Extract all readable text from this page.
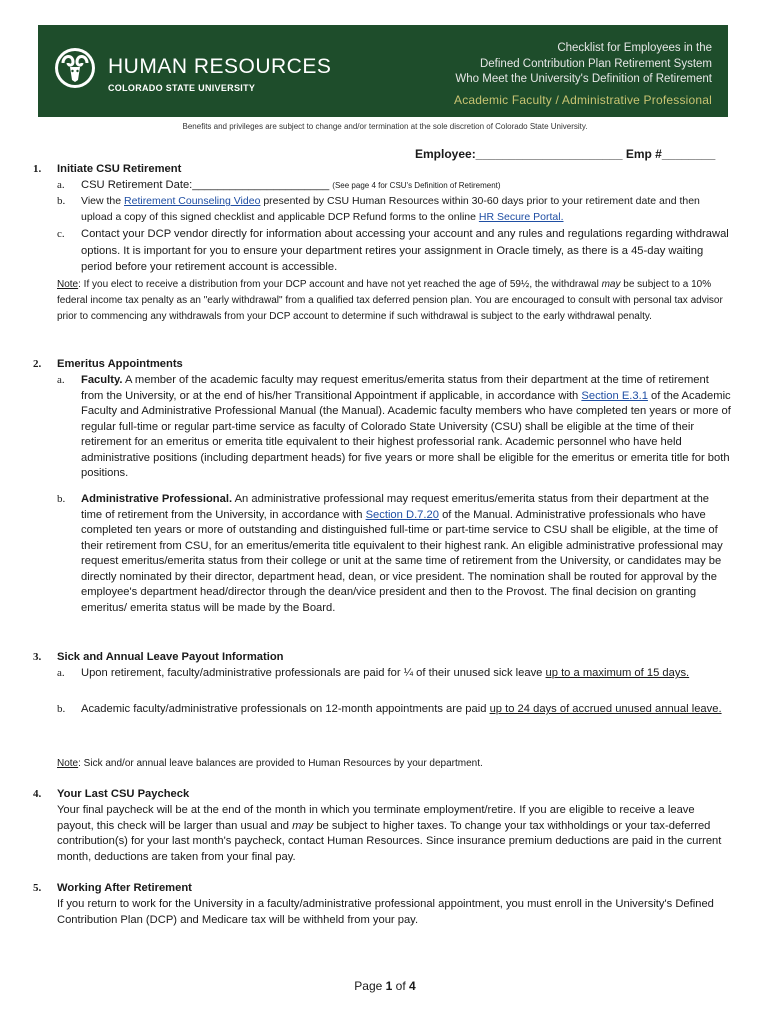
HUMAN RESOURCES
COLORADO STATE UNIVERSITY
Checklist for Employees in the
Defined Contribution Plan Retirement System
Who Meet the University's Definition of Retirement
Academic Faculty / Administrative Professional
Benefits and privileges are subject to change and/or termination at the sole discretion of Colorado State University.
Employee:______________________ Emp #________
1. Initiate CSU Retirement
a. CSU Retirement Date:______________________ (See page 4 for CSU's Definition of Retirement)
b. View the Retirement Counseling Video presented by CSU Human Resources within 30-60 days prior to your retirement date and then upload a copy of this signed checklist and applicable DCP Refund forms to the online HR Secure Portal.
c. Contact your DCP vendor directly for information about accessing your account and any rules and regulations regarding withdrawal options. It is important for you to ensure your department retires your assignment in Oracle timely, as there is a 45-day waiting period before your retirement account is accessible.
Note: If you elect to receive a distribution from your DCP account and have not yet reached the age of 59½, the withdrawal may be subject to a 10% federal income tax penalty as an "early withdrawal" from a qualified tax deferred pension plan. You are encouraged to consult with personal tax advisor prior to commencing any withdrawals from your DCP account to determine if such withdrawal is subject to the early withdrawal penalty.
2. Emeritus Appointments
a. Faculty. A member of the academic faculty may request emeritus/emerita status from their department at the time of retirement from the University, or at the end of his/her Transitional Appointment if applicable, in accordance with Section E.3.1 of the Academic Faculty and Administrative Professional Manual (the Manual). Academic faculty members who have completed ten years or more of regular full-time or regular part-time service as faculty of Colorado State University (CSU) shall be eligible at the time of their retirement for an emeritus or emerita title equivalent to their highest professorial rank. Academic personnel who have held administrative positions (including department heads) for five years or more shall be eligible for the emeritus or emerita title for both positions.
b. Administrative Professional. An administrative professional may request emeritus/emerita status from their department at the time of retirement from the University, in accordance with Section D.7.20 of the Manual. Administrative professionals who have completed ten years or more of outstanding and distinguished full-time or part-time service to CSU shall be eligible, at the time of their retirement from CSU, for an emeritus/emerita title equivalent to their highest rank. An eligible administrative professional may request emeritus/emerita status from their college or unit at the same time of retirement from the University, or candidates may be directly nominated by their director, department head, dean, or vice president. The nomination shall be routed for approval by the employee's department head/director through the dean/vice president and then to the Provost. The final decision on granting emeritus/ emerita status will be made by the Board.
3. Sick and Annual Leave Payout Information
a. Upon retirement, faculty/administrative professionals are paid for ¼ of their unused sick leave up to a maximum of 15 days.
b. Academic faculty/administrative professionals on 12-month appointments are paid up to 24 days of accrued unused annual leave.
Note: Sick and/or annual leave balances are provided to Human Resources by your department.
4. Your Last CSU Paycheck
Your final paycheck will be at the end of the month in which you terminate employment/retire. If you are eligible to receive a leave payout, this check will be larger than usual and may be subject to higher taxes. To change your tax withholdings or your tax-deferred contribution(s) for your last month's paycheck, contact Human Resources. Since insurance premium deductions are paid in the current month, deductions are taken from your final pay.
5. Working After Retirement
If you return to work for the University in a faculty/administrative professional appointment, you must enroll in the University's Defined Contribution Plan (DCP) and Medicare tax will be withheld from your pay.
Page 1 of 4
